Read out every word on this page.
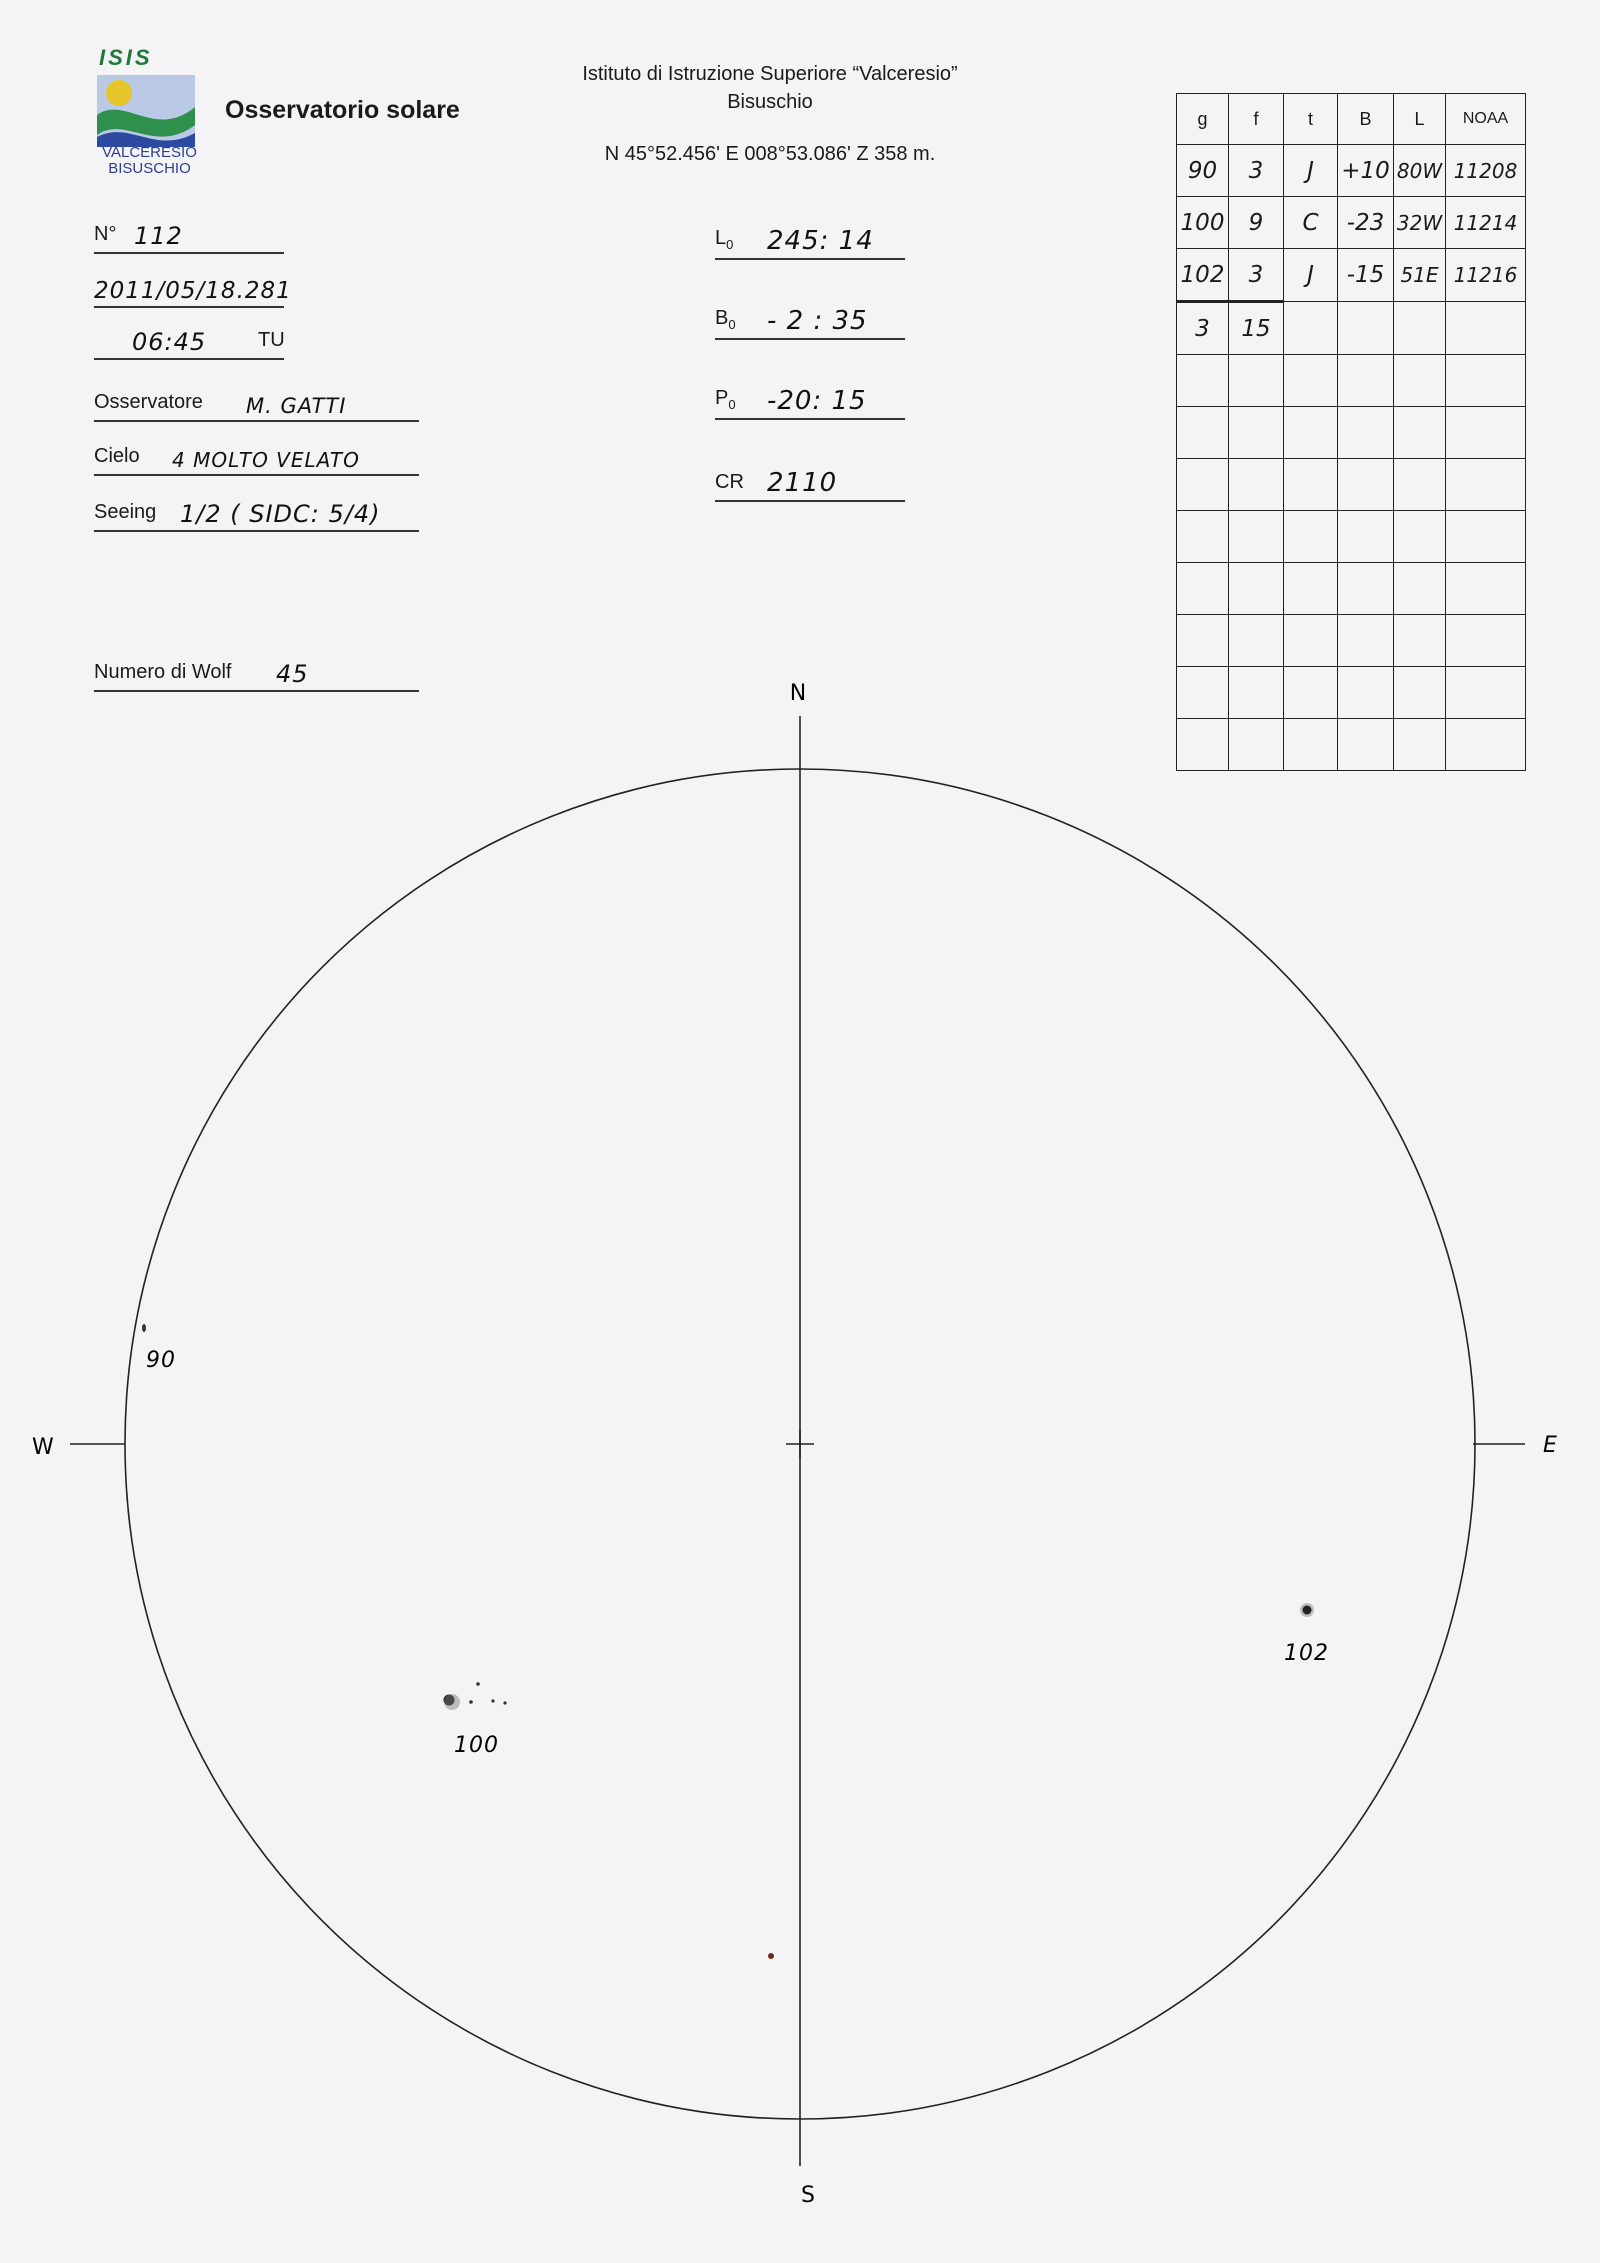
ISIS
VALCERESIO
BISUSCHIO
Osservatorio solare
Istituto di Istruzione Superiore “Valceresio”
Bisuschio
N 45°52.456' E 008°53.086' Z 358 m.
N° 112
2011/05/18.281
06:45	TU
Osservatore M. GATTI
Cielo 4 MOLTO VELATO
Seeing 1/2 ( SIDC: 5/4)
Numero di Wolf 45
$L_0$ 245: 14
$B_0 - 2$ : 35
$P_0$ -20: 15
CR 2110
g	f	t	B	L	NOAA
90	3	J	+10	80W	11208
100	9	C	-23	32W	11214
102	3	J	-15	51E	11216
3	15				

N
S
E
W
90
100
102
